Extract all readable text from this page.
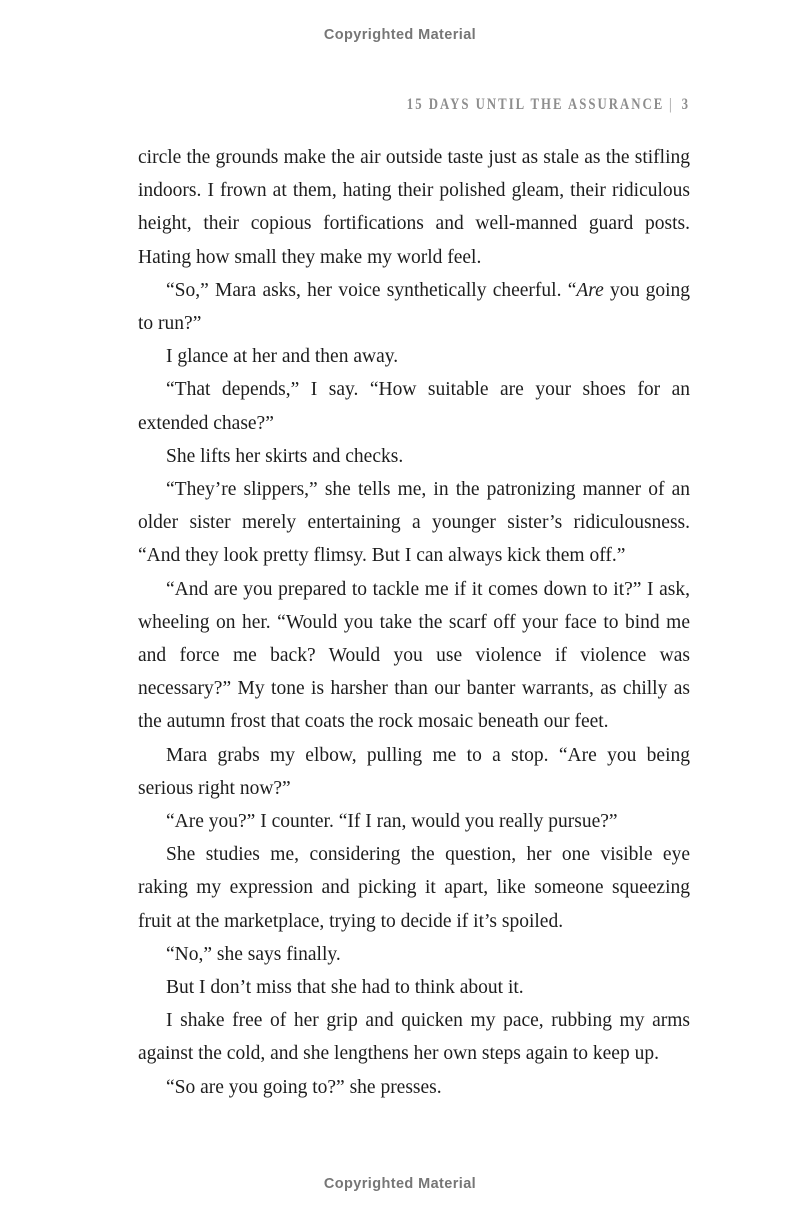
Copyrighted Material
15 DAYS UNTIL THE ASSURANCE | 3

circle the grounds make the air outside taste just as stale as the stifling indoors. I frown at them, hating their polished gleam, their ridiculous height, their copious fortifications and well-manned guard posts. Hating how small they make my world feel.

“So,” Mara asks, her voice synthetically cheerful. “Are you going to run?”

I glance at her and then away.

“That depends,” I say. “How suitable are your shoes for an extended chase?”

She lifts her skirts and checks.

“They’re slippers,” she tells me, in the patronizing manner of an older sister merely entertaining a younger sister’s ridiculousness. “And they look pretty flimsy. But I can always kick them off.”

“And are you prepared to tackle me if it comes down to it?” I ask, wheeling on her. “Would you take the scarf off your face to bind me and force me back? Would you use violence if violence was necessary?” My tone is harsher than our banter warrants, as chilly as the autumn frost that coats the rock mosaic beneath our feet.

Mara grabs my elbow, pulling me to a stop. “Are you being serious right now?”

“Are you?” I counter. “If I ran, would you really pursue?”

She studies me, considering the question, her one visible eye raking my expression and picking it apart, like someone squeezing fruit at the marketplace, trying to decide if it’s spoiled.

“No,” she says finally.

But I don’t miss that she had to think about it.

I shake free of her grip and quicken my pace, rubbing my arms against the cold, and she lengthens her own steps again to keep up.

“So are you going to?” she presses.

Copyrighted Material
